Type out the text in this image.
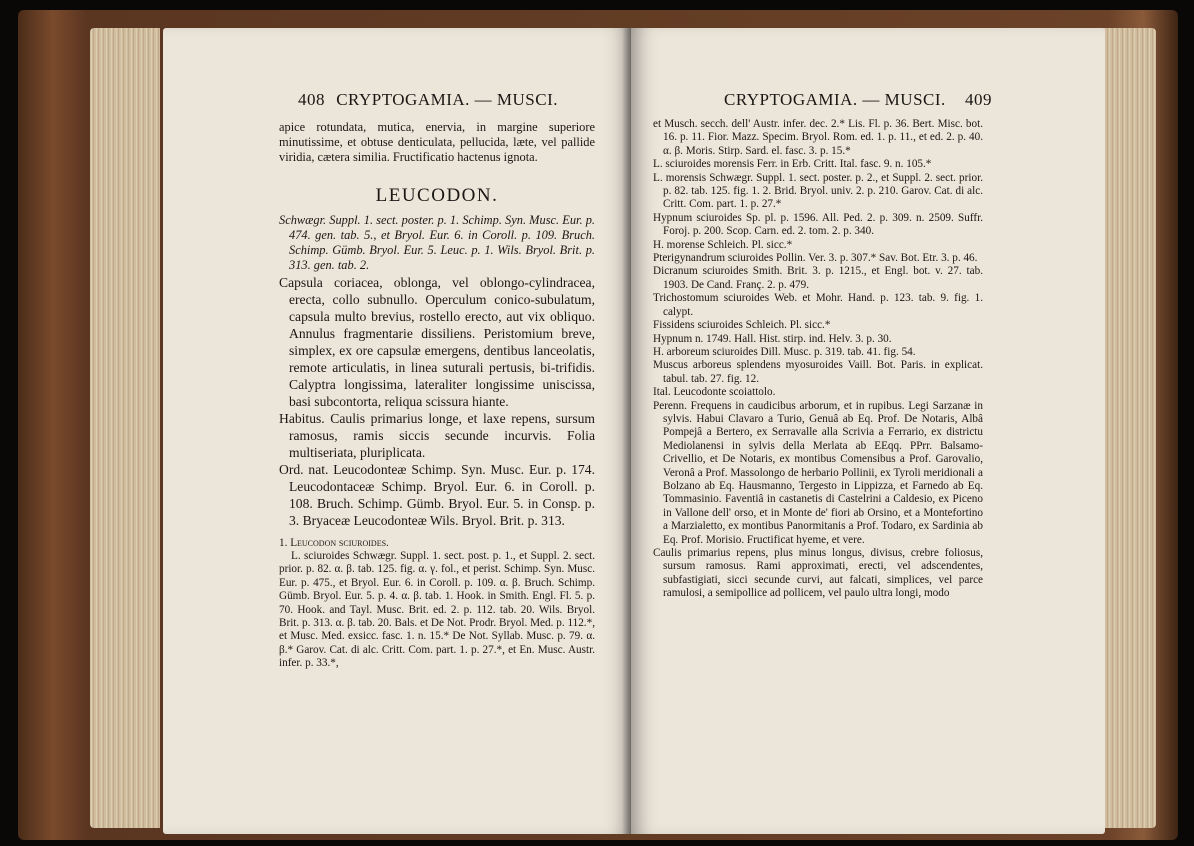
408 CRYPTOGAMIA. — MUSCI.

apice rotundata, mutica, enervia, in margine superiore minutissime, et obtuse denticulata, pellucida, læte, vel pallide viridia, cætera similia. Fructificatio hactenus ignota.

LEUCODON.

Schwægr. Suppl. 1. sect. poster. p. 1. Schimp. Syn. Musc. Eur. p. 474. gen. tab. 5., et Bryol. Eur. 6. in Coroll. p. 109. Bruch. Schimp. Gümb. Bryol. Eur. 5. Leuc. p. 1. Wils. Bryol. Brit. p. 313. gen. tab. 2.

Capsula coriacea, oblonga, vel oblongo-cylindracea, erecta, collo subnullo. Operculum conico-subulatum, capsula multo brevius, rostello erecto, aut vix obliquo. Annulus fragmentarie dissiliens. Peristomium breve, simplex, ex ore capsulæ emergens, dentibus lanceolatis, remote articulatis, in linea suturali pertusis, bi-trifidis. Calyptra longissima, lateraliter longissime uniscissa, basi subcontorta, reliqua scissura hiante.

Habitus. Caulis primarius longe, et laxe repens, sursum ramosus, ramis siccis secunde incurvis. Folia multiseriata, pluriplicata.

Ord. nat. Leucodonteæ Schimp. Syn. Musc. Eur. p. 174. Leucodontaceæ Schimp. Bryol. Eur. 6. in Coroll. p. 108. Bruch. Schimp. Gümb. Bryol. Eur. 5. in Consp. p. 3. Bryaceæ Leucodonteæ Wils. Bryol. Brit. p. 313.

1. Leucodon sciuroides.

L. sciuroides Schwægr. Suppl. 1. sect. post. p. 1., et Suppl. 2. sect. prior. p. 82. α. β. tab. 125. fig. α. γ. fol., et perist. Schimp. Syn. Musc. Eur. p. 475., et Bryol. Eur. 6. in Coroll. p. 109. α. β. Bruch. Schimp. Gümb. Bryol. Eur. 5. p. 4. α. β. tab. 1. Hook. in Smith. Engl. Fl. 5. p. 70. Hook. and Tayl. Musc. Brit. ed. 2. p. 112. tab. 20. Wils. Bryol. Brit. p. 313. α. β. tab. 20. Bals. et De Not. Prodr. Bryol. Med. p. 112.*, et Musc. Med. exsicc. fasc. 1. n. 15.* De Not. Syllab. Musc. p. 79. α. β.* Garov. Cat. di alc. Critt. Com. part. 1. p. 27.*, et En. Musc. Austr. infer. p. 33.*,

CRYPTOGAMIA. — MUSCI. 409

et Musch. secch. dell' Austr. infer. dec. 2.* Lis. Fl. p. 36. Bert. Misc. bot. 16. p. 11. Fior. Mazz. Specim. Bryol. Rom. ed. 1. p. 11., et ed. 2. p. 40. α. β. Moris. Stirp. Sard. el. fasc. 3. p. 15.*

L. sciuroides morensis Ferr. in Erb. Critt. Ital. fasc. 9. n. 105.*

L. morensis Schwægr. Suppl. 1. sect. poster. p. 2., et Suppl. 2. sect. prior. p. 82. tab. 125. fig. 1. 2. Brid. Bryol. univ. 2. p. 210. Garov. Cat. di alc. Critt. Com. part. 1. p. 27.*

Hypnum sciuroides Sp. pl. p. 1596. All. Ped. 2. p. 309. n. 2509. Suffr. Foroj. p. 200. Scop. Carn. ed. 2. tom. 2. p. 340.

H. morense Schleich. Pl. sicc.*

Pterigynandrum sciuroides Pollin. Ver. 3. p. 307.* Sav. Bot. Etr. 3. p. 46.

Dicranum sciuroides Smith. Brit. 3. p. 1215., et Engl. bot. v. 27. tab. 1903. De Cand. Franç. 2. p. 479.

Trichostomum sciuroides Web. et Mohr. Hand. p. 123. tab. 9. fig. 1. calypt.

Fissidens sciuroides Schleich. Pl. sicc.*

Hypnum n. 1749. Hall. Hist. stirp. ind. Helv. 3. p. 30.

H. arboreum sciuroides Dill. Musc. p. 319. tab. 41. fig. 54.

Muscus arboreus splendens myosuroides Vaill. Bot. Paris. in explicat. tabul. tab. 27. fig. 12.

Ital. Leucodonte scoiattolo.

Perenn. Frequens in caudicibus arborum, et in rupibus. Legi Sarzanæ in sylvis. Habui Clavaro a Turio, Genuâ ab Eq. Prof. De Notaris, Albâ Pompejâ a Bertero, ex Serravalle alla Scrivia a Ferrario, ex districtu Mediolanensi in sylvis della Merlata ab EEqq. PPrr. Balsamo-Crivellio, et De Notaris, ex montibus Comensibus a Prof. Garovalio, Veronâ a Prof. Massolongo de herbario Pollinii, ex Tyroli meridionali a Bolzano ab Eq. Hausmanno, Tergesto in Lippizza, et Farnedo ab Eq. Tommasinio. Faventiâ in castanetis di Castelrini a Caldesio, ex Piceno in Vallone dell' orso, et in Monte de' fiori ab Orsino, et a Montefortino a Marzialetto, ex montibus Panormitanis a Prof. Todaro, ex Sardinia ab Eq. Prof. Morisio. Fructificat hyeme, et vere.

Caulis primarius repens, plus minus longus, divisus, crebre foliosus, sursum ramosus. Rami approximati, erecti, vel adscendentes, subfastigiati, sicci secunde curvi, aut falcati, simplices, vel parce ramulosi, a semipollice ad pollicem, vel paulo ultra longi, modo
